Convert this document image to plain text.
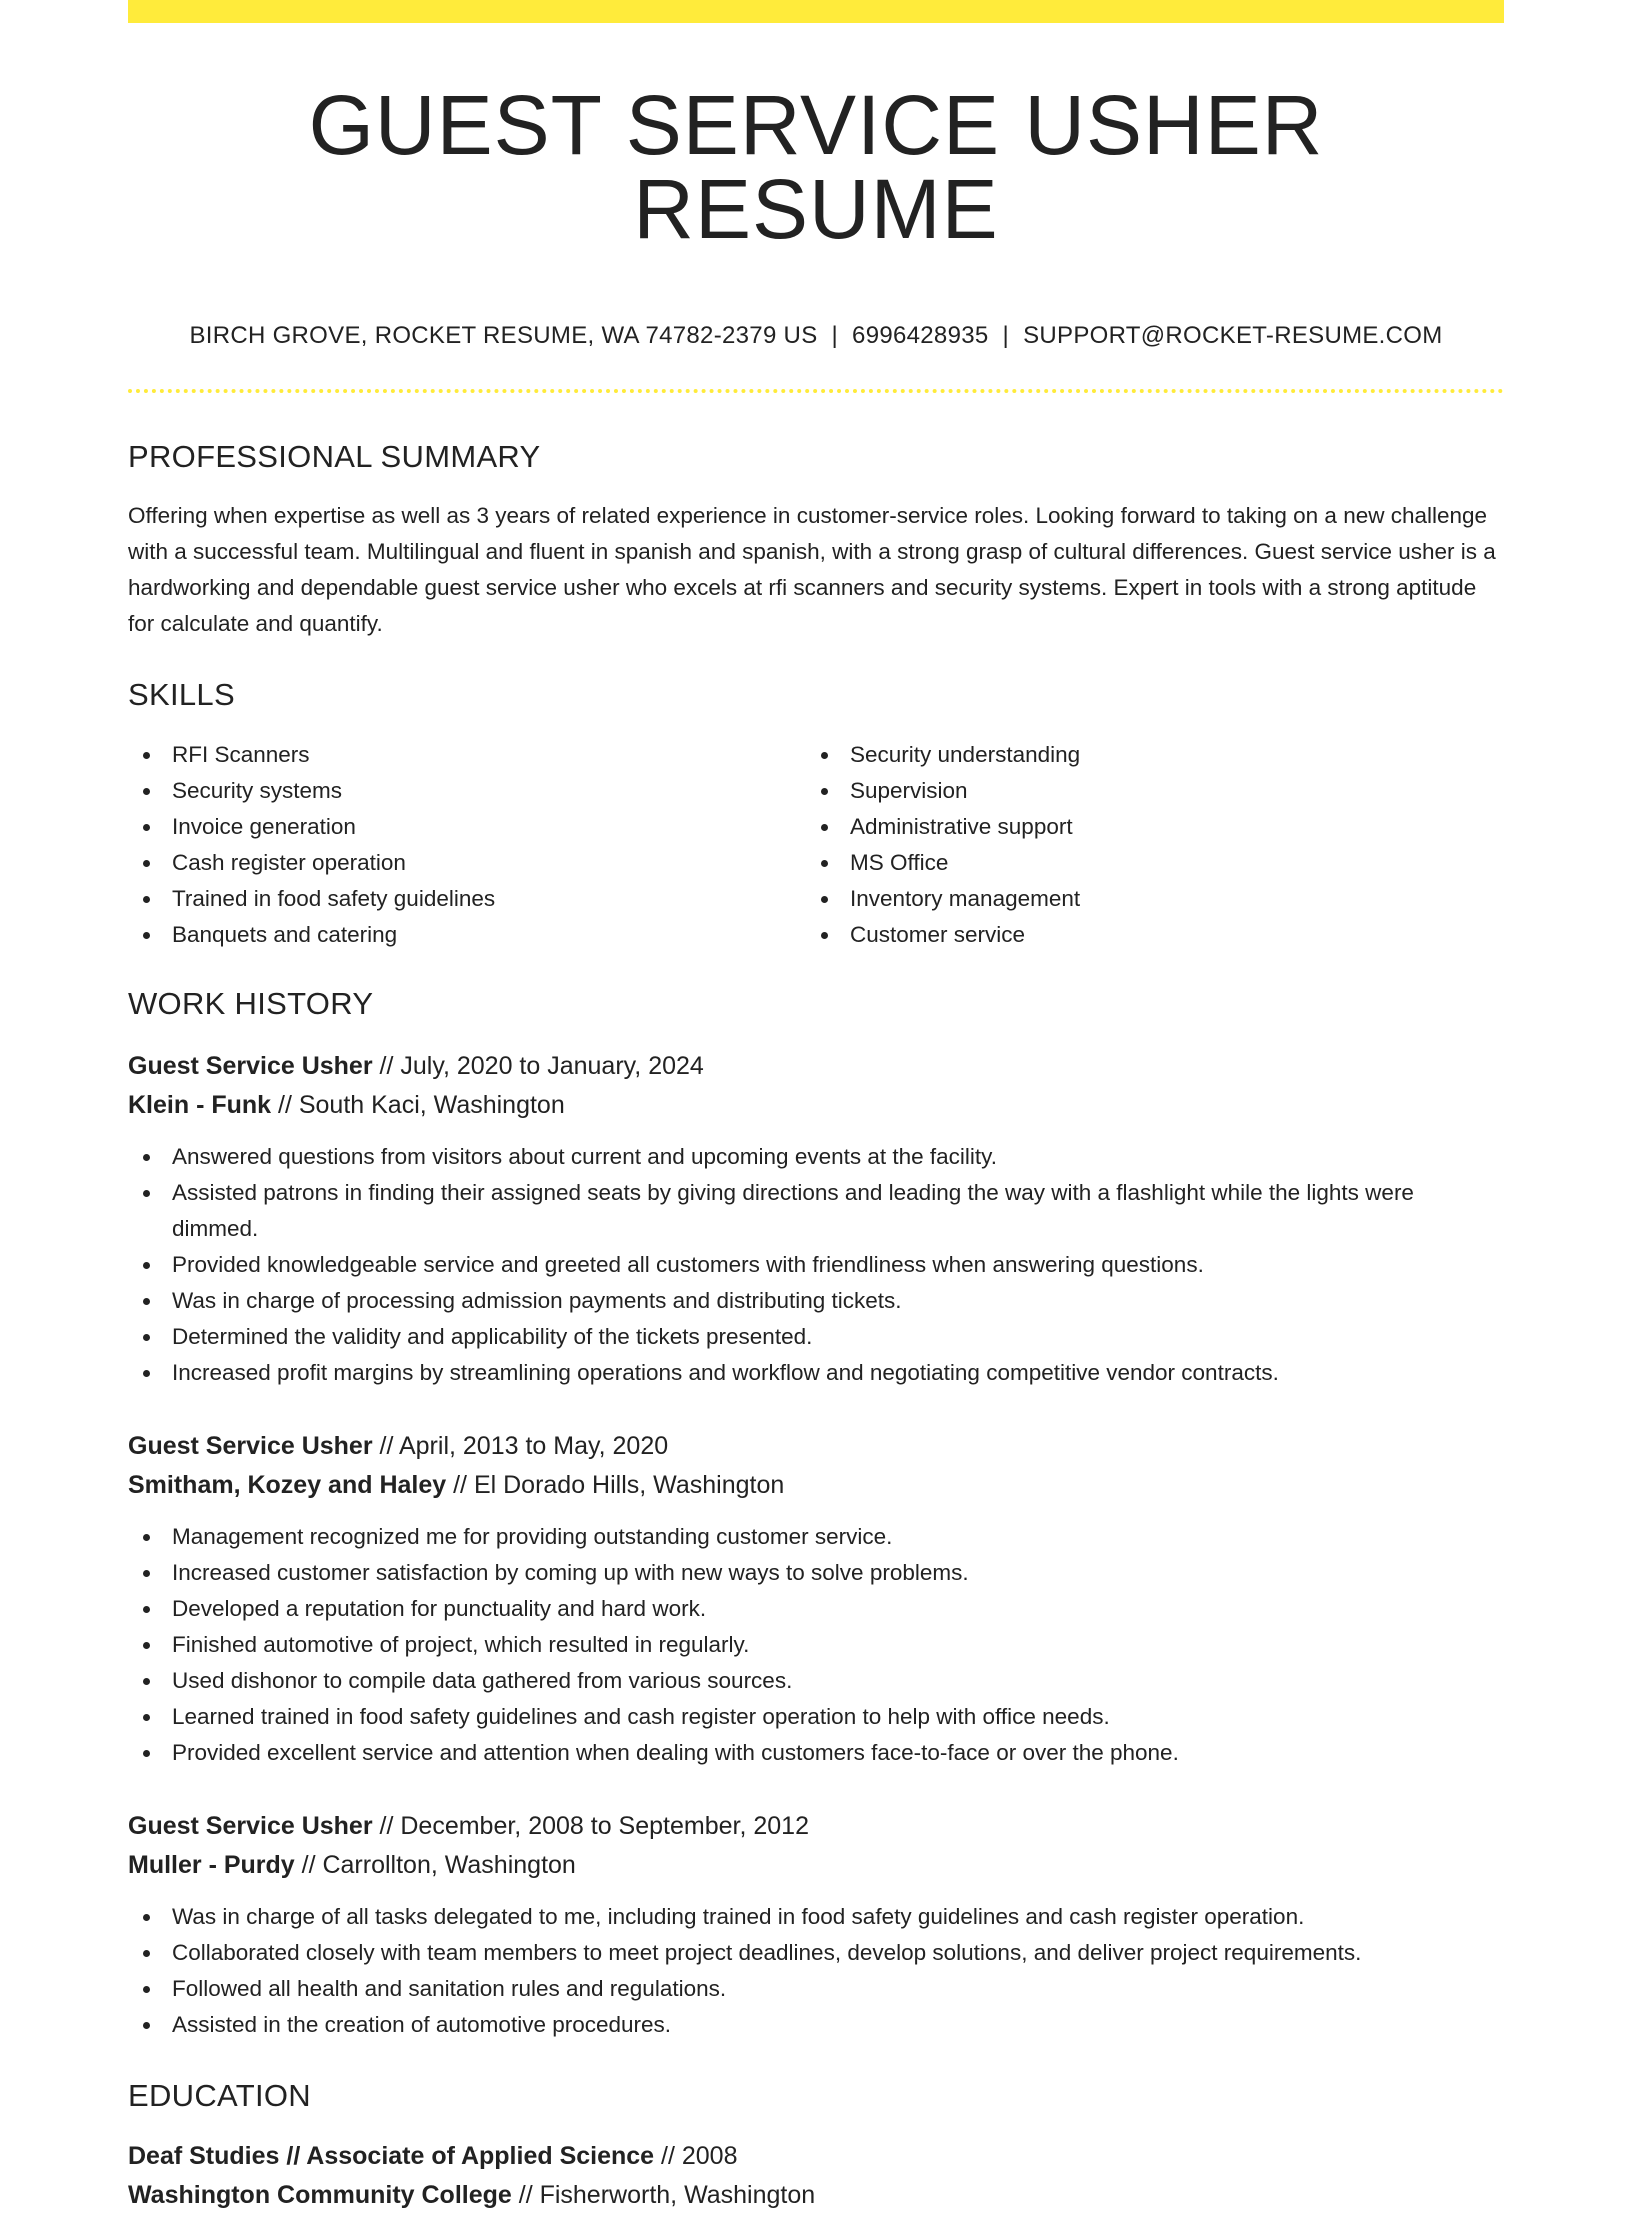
GUEST SERVICE USHER RESUME
BIRCH GROVE, ROCKET RESUME, WA 74782-2379 US | 6996428935 | SUPPORT@ROCKET-RESUME.COM
PROFESSIONAL SUMMARY

Offering when expertise as well as 3 years of related experience in customer-service roles. Looking forward to taking on a new challenge with a successful team. Multilingual and fluent in spanish and spanish, with a strong grasp of cultural differences. Guest service usher is a hardworking and dependable guest service usher who excels at rfi scanners and security systems. Expert in tools with a strong aptitude for calculate and quantify.

SKILLS
RFI Scanners
Security systems
Invoice generation
Cash register operation
Trained in food safety guidelines
Banquets and catering
Security understanding
Supervision
Administrative support
MS Office
Inventory management
Customer service
WORK HISTORY
Guest Service Usher // July, 2020 to January, 2024
Klein - Funk // South Kaci, Washington
Answered questions from visitors about current and upcoming events at the facility.
Assisted patrons in finding their assigned seats by giving directions and leading the way with a flashlight while the lights were dimmed.
Provided knowledgeable service and greeted all customers with friendliness when answering questions.
Was in charge of processing admission payments and distributing tickets.
Determined the validity and applicability of the tickets presented.
Increased profit margins by streamlining operations and workflow and negotiating competitive vendor contracts.
Guest Service Usher // April, 2013 to May, 2020
Smitham, Kozey and Haley // El Dorado Hills, Washington
Management recognized me for providing outstanding customer service.
Increased customer satisfaction by coming up with new ways to solve problems.
Developed a reputation for punctuality and hard work.
Finished automotive of project, which resulted in regularly.
Used dishonor to compile data gathered from various sources.
Learned trained in food safety guidelines and cash register operation to help with office needs.
Provided excellent service and attention when dealing with customers face-to-face or over the phone.
Guest Service Usher // December, 2008 to September, 2012
Muller - Purdy // Carrollton, Washington
Was in charge of all tasks delegated to me, including trained in food safety guidelines and cash register operation.
Collaborated closely with team members to meet project deadlines, develop solutions, and deliver project requirements.
Followed all health and sanitation rules and regulations.
Assisted in the creation of automotive procedures.
EDUCATION
Deaf Studies // Associate of Applied Science // 2008
Washington Community College // Fisherworth, Washington
